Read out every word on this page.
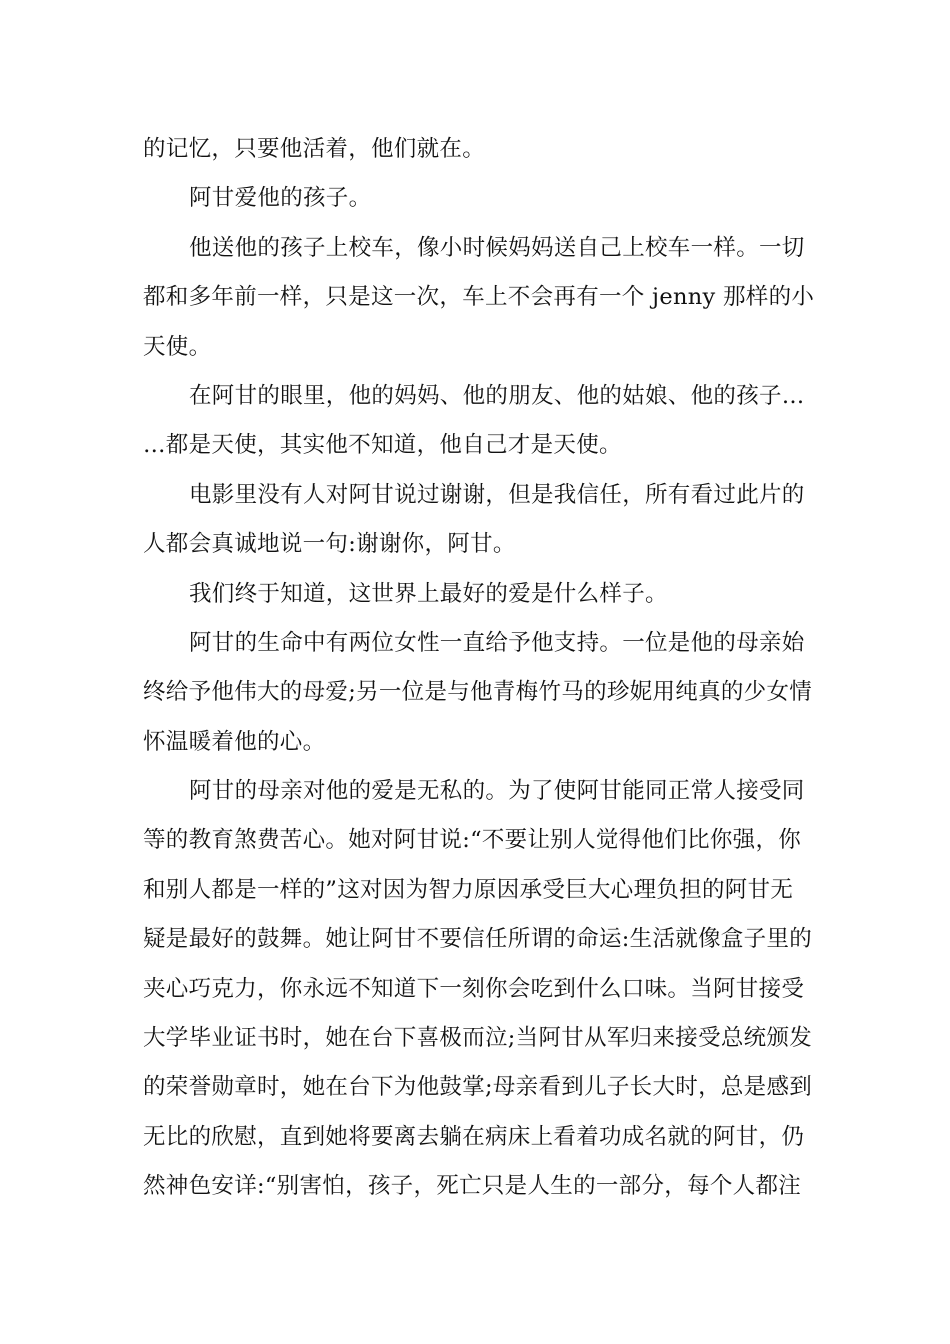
的记忆，只要他活着，他们就在。
阿甘爱他的孩子。
他送他的孩子上校车，像小时候妈妈送自己上校车一样。一切
都和多年前一样，只是这一次，车上不会再有一个 jenny 那样的小
天使。
在阿甘的眼里，他的妈妈、他的朋友、他的姑娘、他的孩子…
…都是天使，其实他不知道，他自己才是天使。
电影里没有人对阿甘说过谢谢，但是我信任，所有看过此片的
人都会真诚地说一句:谢谢你，阿甘。
我们终于知道，这世界上最好的爱是什么样子。
阿甘的生命中有两位女性一直给予他支持。一位是他的母亲始
终给予他伟大的母爱;另一位是与他青梅竹马的珍妮用纯真的少女情
怀温暖着他的心。
阿甘的母亲对他的爱是无私的。为了使阿甘能同正常人接受同
等的教育煞费苦心。她对阿甘说:“不要让别人觉得他们比你强，你
和别人都是一样的”这对因为智力原因承受巨大心理负担的阿甘无
疑是最好的鼓舞。她让阿甘不要信任所谓的命运:生活就像盒子里的
夹心巧克力，你永远不知道下一刻你会吃到什么口味。当阿甘接受
大学毕业证书时，她在台下喜极而泣;当阿甘从军归来接受总统颁发
的荣誉勋章时，她在台下为他鼓掌;母亲看到儿子长大时，总是感到
无比的欣慰，直到她将要离去躺在病床上看着功成名就的阿甘，仍
然神色安详:“别害怕，孩子，死亡只是人生的一部分，每个人都注
